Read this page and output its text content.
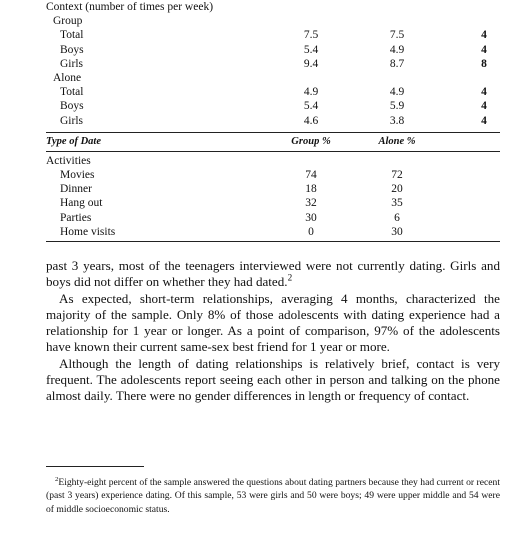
Context (number of times per week)
Group
Total	7.5	7.5	4
Boys	5.4	4.9	4
Girls	9.4	8.7	8
Alone
Total	4.9	4.9	4
Boys	5.4	5.9	4
Girls	4.6	3.8	4
Type of Date	Group %	Alone %
Activities
Movies	74	72
Dinner	18	20
Hang out	32	35
Parties	30	6
Home visits	0	30

past 3 years, most of the teenagers interviewed were not currently dating. Girls and boys did not differ on whether they had dated.$^2$

As expected, short-term relationships, averaging 4 months, characterized the majority of the sample. Only 8% of those adolescents with dating experience had a relationship for 1 year or longer. As a point of comparison, 97% of the adolescents have known their current same-sex best friend for 1 year or more.

Although the length of dating relationships is relatively brief, contact is very frequent. The adolescents report seeing each other in person and talking on the phone almost daily. There were no gender differences in length or frequency of contact.

$^2$Eighty-eight percent of the sample answered the questions about dating partners because they had current or recent (past 3 years) experience dating. Of this sample, 53 were girls and 50 were boys; 49 were upper middle and 54 were of middle socioeconomic status.
